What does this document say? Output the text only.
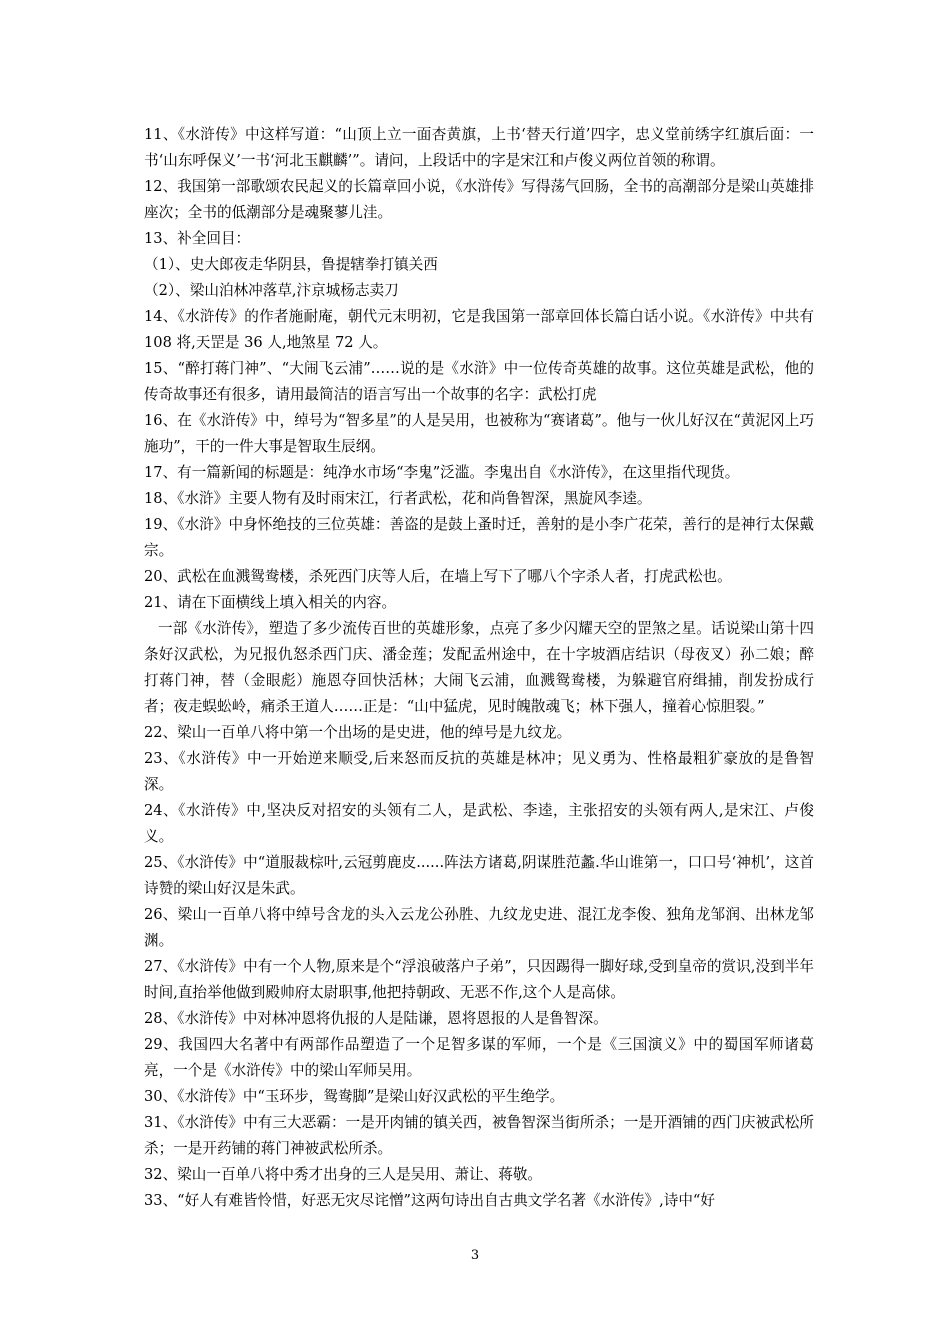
11、《水浒传》中这样写道：“山顶上立一面杏黄旗，上书‘替天行道’四字，忠义堂前绣字红旗后面：一书‘山东呼保义’一书‘河北玉麒麟’”。请问，上段话中的字是宋江和卢俊义两位首领的称谓。

12、我国第一部歌颂农民起义的长篇章回小说，《水浒传》写得荡气回肠，全书的高潮部分是梁山英雄排座次；全书的低潮部分是魂聚蓼儿洼。

13、补全回目：

（1）、史大郎夜走华阴县，鲁提辖拳打镇关西

（2）、梁山泊林冲落草,汴京城杨志卖刀

14、《水浒传》的作者施耐庵，朝代元末明初，它是我国第一部章回体长篇白话小说。《水浒传》中共有 108 将,天罡是 36 人,地煞星 72 人。

15、“醉打蒋门神”、“大闹飞云浦”……说的是《水浒》中一位传奇英雄的故事。这位英雄是武松，他的传奇故事还有很多，请用最简洁的语言写出一个故事的名字：武松打虎

16、在《水浒传》中，绰号为“智多星”的人是吴用，也被称为“赛诸葛”。他与一伙儿好汉在“黄泥冈上巧施功”，干的一件大事是智取生辰纲。

17、有一篇新闻的标题是：纯净水市场“李鬼”泛滥。李鬼出自《水浒传》，在这里指代现货。

18、《水浒》主要人物有及时雨宋江，行者武松，花和尚鲁智深，黑旋风李逵。

19、《水浒》中身怀绝技的三位英雄：善盗的是鼓上蚤时迁，善射的是小李广花荣，善行的是神行太保戴宗。

20、武松在血溅鸳鸯楼，杀死西门庆等人后，在墙上写下了哪八个字杀人者，打虎武松也。

21、请在下面横线上填入相关的内容。

一部《水浒传》，塑造了多少流传百世的英雄形象，点亮了多少闪耀天空的罡煞之星。话说梁山第十四条好汉武松，为兄报仇怒杀西门庆、潘金莲；发配孟州途中，在十字坡酒店结识（母夜叉）孙二娘；醉打蒋门神，替（金眼彪）施恩夺回快活林；大闹飞云浦，血溅鸳鸯楼，为躲避官府缉捕，削发扮成行者；夜走蜈蚣岭，痛杀王道人……正是：“山中猛虎，见时魄散魂飞；林下强人，撞着心惊胆裂。”

22、梁山一百单八将中第一个出场的是史进，他的绰号是九纹龙。

23、《水浒传》中一开始逆来顺受,后来怒而反抗的英雄是林冲；见义勇为、性格最粗犷豪放的是鲁智深。

24、《水浒传》中,坚决反对招安的头领有二人，是武松、李逵，主张招安的头领有两人,是宋江、卢俊义。

25、《水浒传》中“道服裁棕叶,云冠剪鹿皮......阵法方诸葛,阴谋胜范蠡.华山谁第一，口口号‘神机’，这首诗赞的梁山好汉是朱武。

26、梁山一百单八将中绰号含龙的头入云龙公孙胜、九纹龙史进、混江龙李俊、独角龙邹润、出林龙邹渊。

27、《水浒传》中有一个人物,原来是个“浮浪破落户子弟”，只因踢得一脚好球,受到皇帝的赏识,没到半年时间,直抬举他做到殿帅府太尉职事,他把持朝政、无恶不作,这个人是高俅。

28、《水浒传》中对林冲恩将仇报的人是陆谦，恩将恩报的人是鲁智深。

29、我国四大名著中有两部作品塑造了一个足智多谋的军师，一个是《三国演义》中的蜀国军师诸葛亮，一个是《水浒传》中的梁山军师吴用。

30、《水浒传》中“玉环步，鸳鸯脚”是梁山好汉武松的平生绝学。

31、《水浒传》中有三大恶霸：一是开肉铺的镇关西，被鲁智深当街所杀；一是开酒铺的西门庆被武松所杀；一是开药铺的蒋门神被武松所杀。

32、梁山一百单八将中秀才出身的三人是吴用、萧让、蒋敬。

33、“好人有难皆怜惜，好恶无灾尽诧憎”这两句诗出自古典文学名著《水浒传》,诗中“好

3
